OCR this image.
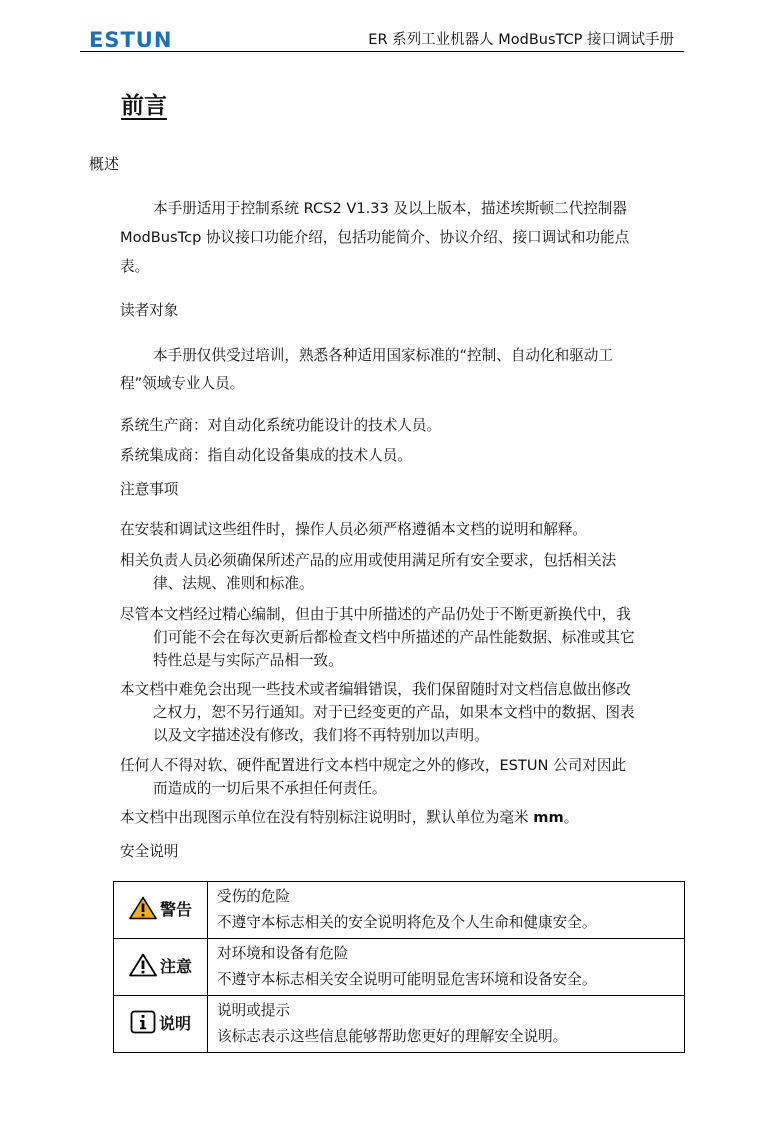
ESTUN	ER 系列工业机器人 ModBusTCP 接口调试手册
前言
概述
本手册适用于控制系统 RCS2 V1.33 及以上版本，描述埃斯顿二代控制器
ModBusTcp 协议接口功能介绍，包括功能简介、协议介绍、接口调试和功能点
表。
读者对象
本手册仅供受过培训，熟悉各种适用国家标准的“控制、自动化和驱动工
程”领域专业人员。
系统生产商：对自动化系统功能设计的技术人员。
系统集成商：指自动化设备集成的技术人员。
注意事项
在安装和调试这些组件时，操作人员必须严格遵循本文档的说明和解释。
相关负责人员必须确保所述产品的应用或使用满足所有安全要求，包括相关法
律、法规、准则和标准。
尽管本文档经过精心编制，但由于其中所描述的产品仍处于不断更新换代中，我
们可能不会在每次更新后都检查文档中所描述的产品性能数据、标准或其它
特性总是与实际产品相一致。
本文档中难免会出现一些技术或者编辑错误，我们保留随时对文档信息做出修改
之权力，恕不另行通知。对于已经变更的产品，如果本文档中的数据、图表
以及文字描述没有修改，我们将不再特别加以声明。
任何人不得对软、硬件配置进行文本档中规定之外的修改，ESTUN 公司对因此
而造成的一切后果不承担任何责任。
本文档中出现图示单位在没有特别标注说明时，默认单位为毫米 mm。
安全说明
警告	受伤的危险
不遵守本标志相关的安全说明将危及个人生命和健康安全。

注意	对环境和设备有危险
不遵守本标志相关安全说明可能明显危害环境和设备安全。

说明	说明或提示
该标志表示这些信息能够帮助您更好的理解安全说明。
